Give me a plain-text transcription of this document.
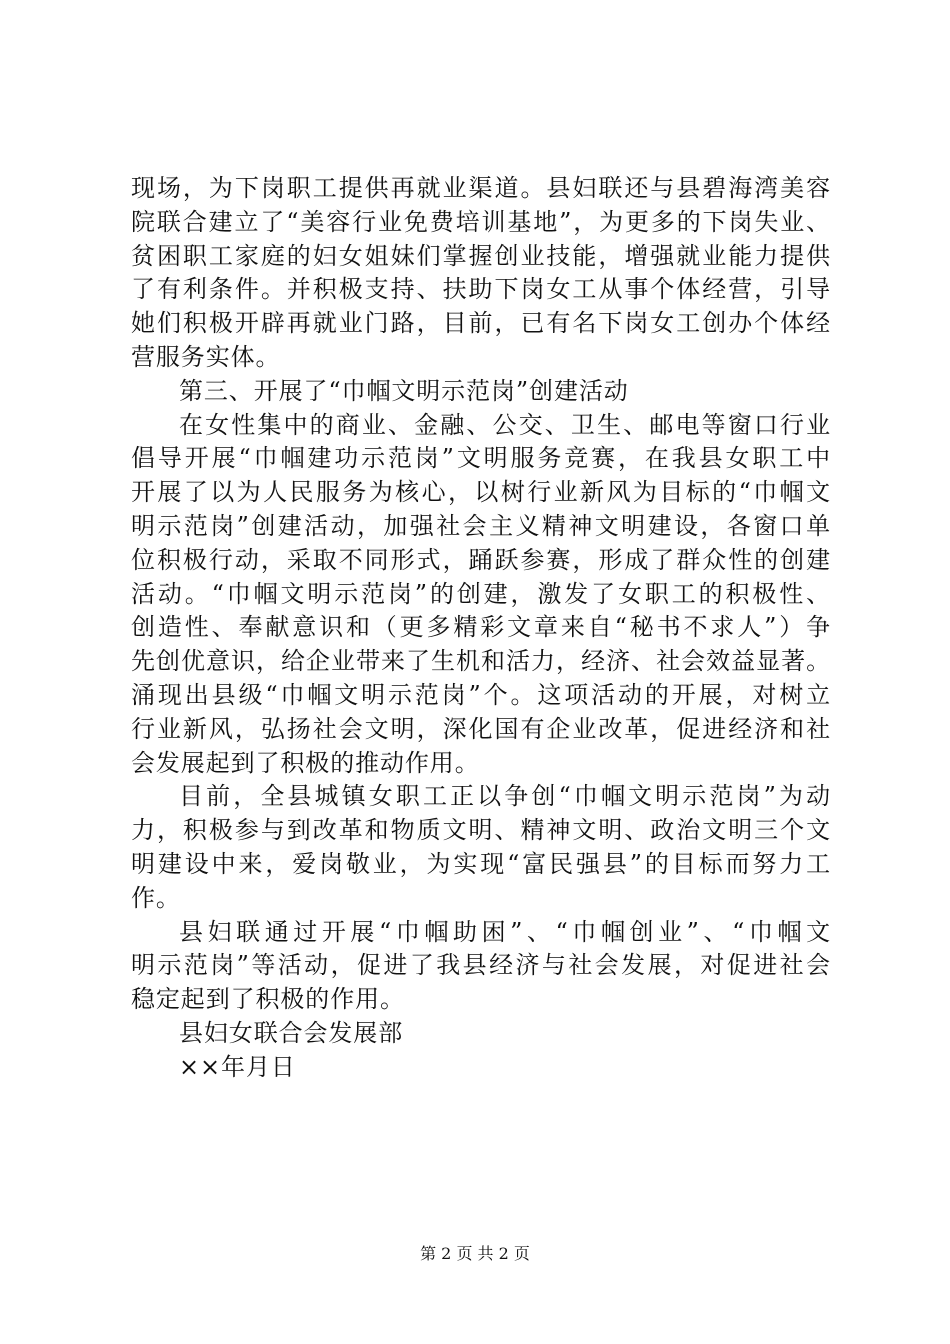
现场，为下岗职工提供再就业渠道。县妇联还与县碧海湾美容
院联合建立了“美容行业免费培训基地”，为更多的下岗失业、
贫困职工家庭的妇女姐妹们掌握创业技能，增强就业能力提供
了有利条件。并积极支持、扶助下岗女工从事个体经营，引导
她们积极开辟再就业门路，目前，已有名下岗女工创办个体经
营服务实体。
第三、开展了“巾帼文明示范岗”创建活动
在女性集中的商业、金融、公交、卫生、邮电等窗口行业
倡导开展“巾帼建功示范岗”文明服务竞赛，在我县女职工中
开展了以为人民服务为核心，以树行业新风为目标的“巾帼文
明示范岗”创建活动，加强社会主义精神文明建设，各窗口单
位积极行动，采取不同形式，踊跃参赛，形成了群众性的创建
活动。“巾帼文明示范岗”的创建，激发了女职工的积极性、
创造性、奉献意识和（更多精彩文章来自“秘书不求人”）争
先创优意识，给企业带来了生机和活力，经济、社会效益显著。
涌现出县级“巾帼文明示范岗”个。这项活动的开展，对树立
行业新风，弘扬社会文明，深化国有企业改革，促进经济和社
会发展起到了积极的推动作用。
目前，全县城镇女职工正以争创“巾帼文明示范岗”为动
力，积极参与到改革和物质文明、精神文明、政治文明三个文
明建设中来，爱岗敬业，为实现“富民强县”的目标而努力工
作。
县妇联通过开展“巾帼助困”、“巾帼创业”、“巾帼文
明示范岗”等活动，促进了我县经济与社会发展，对促进社会
稳定起到了积极的作用。
县妇女联合会发展部
××年月日
第 2 页 共 2 页
